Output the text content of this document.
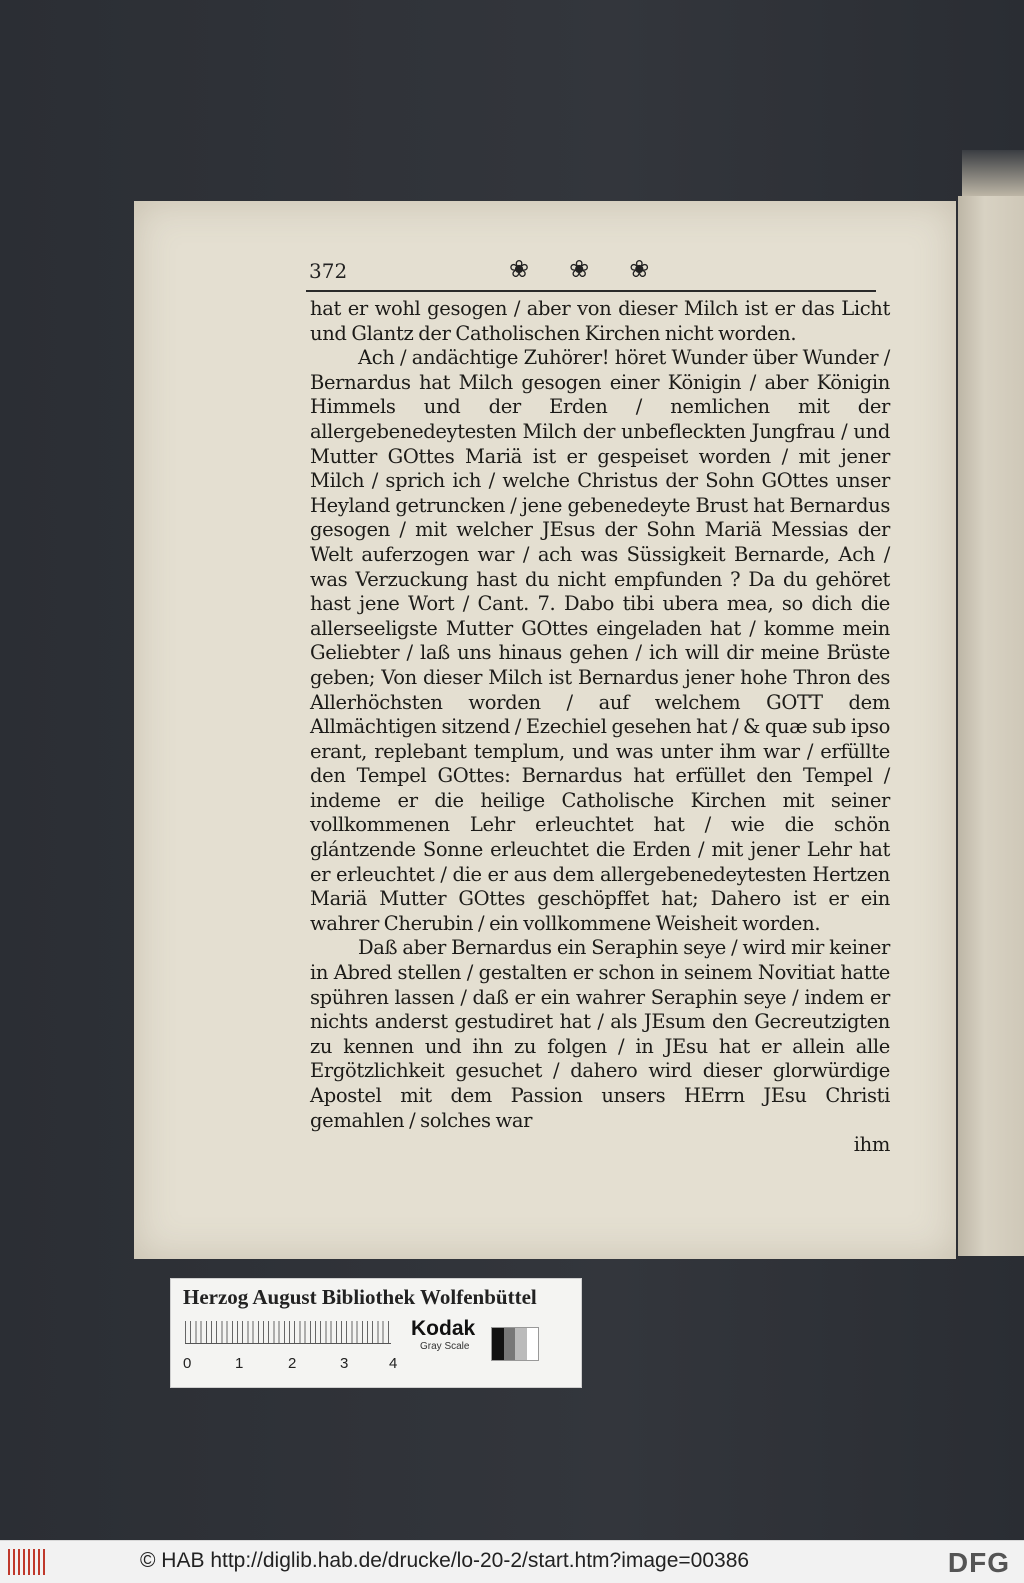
372	❀ ❀ ❀

hat er wohl gesogen / aber von dieser Milch ist er das Licht und Glantz der Catholischen Kirchen nicht worden.

Ach / andächtige Zuhörer! höret Wunder über Wunder / Bernardus hat Milch gesogen einer Königin / aber Königin Himmels und der Erden / nemlichen mit der allergebenedeytesten Milch der unbefleckten Jungfrau / und Mutter GOttes Mariä ist er gespeiset worden / mit jener Milch / sprich ich / welche Christus der Sohn GOttes unser Heyland getruncken / jene gebenedeyte Brust hat Bernardus gesogen / mit welcher JEsus der Sohn Mariä Messias der Welt auferzogen war / ach was Süssigkeit Bernarde, Ach / was Verzuckung hast du nicht empfunden ? Da du gehöret hast jene Wort / Cant. 7. Dabo tibi ubera mea, so dich die allerseeligste Mutter GOttes eingeladen hat / komme mein Geliebter / laß uns hinaus gehen / ich will dir meine Brüste geben; Von dieser Milch ist Bernardus jener hohe Thron des Allerhöchsten worden / auf welchem GOTT dem Allmächtigen sitzend / Ezechiel gesehen hat / & quæ sub ipso erant, replebant templum, und was unter ihm war / erfüllte den Tempel GOttes: Bernardus hat erfüllet den Tempel / indeme er die heilige Catholische Kirchen mit seiner vollkommenen Lehr erleuchtet hat / wie die schön glántzende Sonne erleuchtet die Erden / mit jener Lehr hat er erleuchtet / die er aus dem allergebenedeytesten Hertzen Mariä Mutter GOttes geschöpffet hat; Dahero ist er ein wahrer Cherubin / ein vollkommene Weisheit worden.

Daß aber Bernardus ein Seraphin seye / wird mir keiner in Abred stellen / gestalten er schon in seinem Novitiat hatte spühren lassen / daß er ein wahrer Seraphin seye / indem er nichts anderst gestudiret hat / als JEsum den Gecreutzigten zu kennen und ihn zu folgen / in JEsu hat er allein alle Ergötzlichkeit gesuchet / dahero wird dieser glorwürdige Apostel mit dem Passion unsers HErrn JEsu Christi gemahlen / solches war

ihm

Herzog August Bibliothek Wolfenbüttel
0	1	2	3	4
Kodak
Gray Scale
© HAB http://diglib.hab.de/drucke/lo-20-2/start.htm?image=00386	DFG
